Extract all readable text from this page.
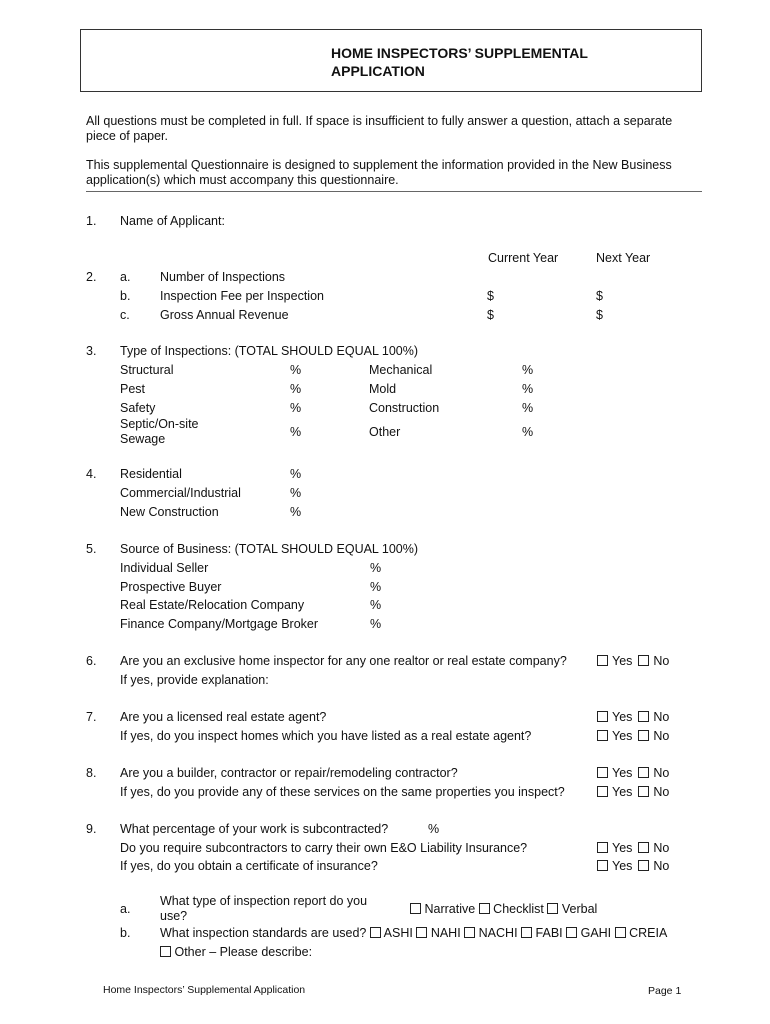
HOME INSPECTORS’ SUPPLEMENTAL
APPLICATION
All questions must be completed in full. If space is insufficient to fully answer a question, attach a separate piece of paper.
This supplemental Questionnaire is designed to supplement the information provided in the New Business application(s) which must accompany this questionnaire.
1. Name of Applicant:
Current Year	Next Year
2. a. Number of Inspections
b. Inspection Fee per Inspection	$	$
c. Gross Annual Revenue	$	$
3. Type of Inspections: (TOTAL SHOULD EQUAL 100%)
Structural	%	Mechanical	%
Pest	%	Mold	%
Safety	%	Construction	%
Septic/On-site
Sewage	%	Other	%
4. Residential	%
Commercial/Industrial	%
New Construction	%
5. Source of Business: (TOTAL SHOULD EQUAL 100%)
Individual Seller	%
Prospective Buyer	%
Real Estate/Relocation Company	%
Finance Company/Mortgage Broker	%
6. Are you an exclusive home inspector for any one realtor or real estate company?	Yes No
If yes, provide explanation:
7. Are you a licensed real estate agent?	Yes No
If yes, do you inspect homes which you have listed as a real estate agent?	Yes No
8. Are you a builder, contractor or repair/remodeling contractor?	Yes No
If yes, do you provide any of these services on the same properties you inspect?	Yes No
9. What percentage of your work is subcontracted?	%
Do you require subcontractors to carry their own E&O Liability Insurance?	Yes No
If yes, do you obtain a certificate of insurance?	Yes No
a.
What type of inspection report do you
use?	Narrative Checklist Verbal
b. What inspection standards are used? ASHI NAHI NACHI FABI GAHI CREIA
Other – Please describe:
Home Inspectors’ Supplemental Application	Page 1
